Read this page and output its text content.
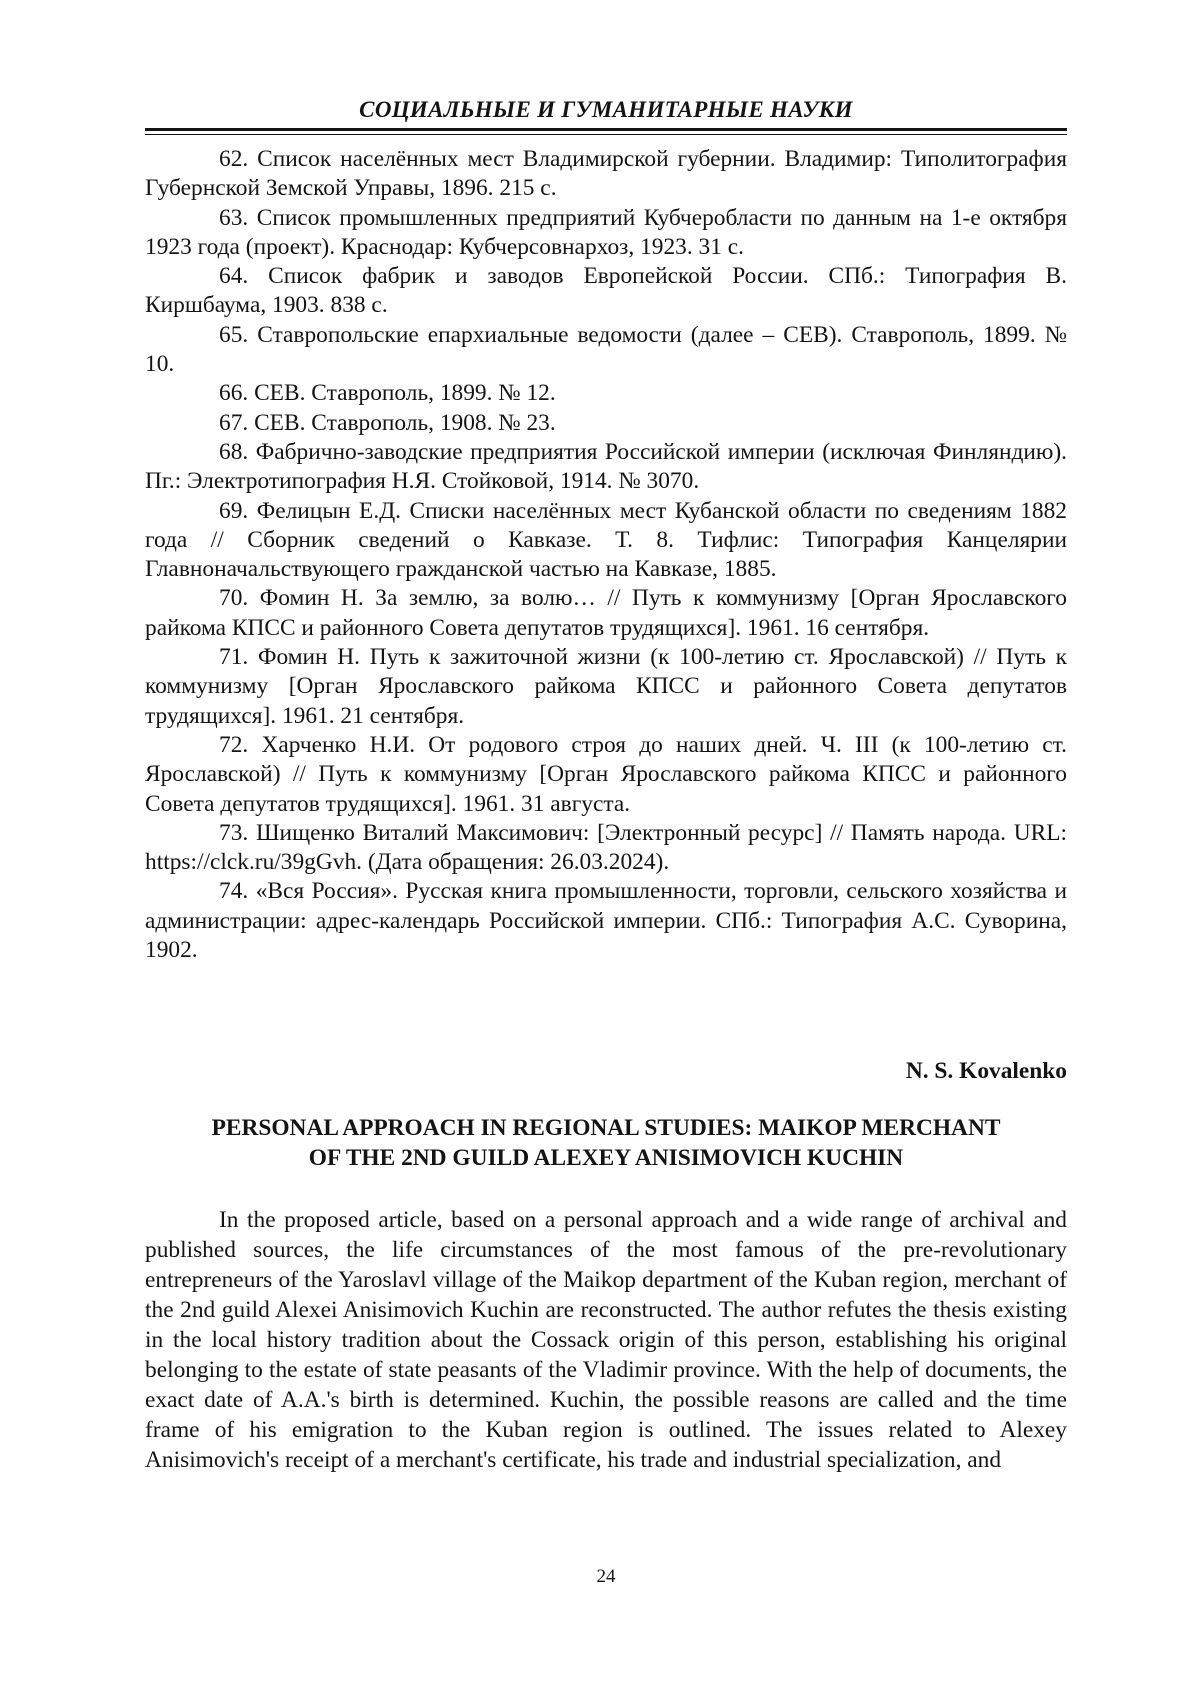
СОЦИАЛЬНЫЕ И ГУМАНИТАРНЫЕ НАУКИ

62. Список населённых мест Владимирской губернии. Владимир: Типолитография Губернской Земской Управы, 1896. 215 с.

63. Список промышленных предприятий Кубчеробласти по данным на 1-е октября 1923 года (проект). Краснодар: Кубчерсовнархоз, 1923. 31 с.

64. Список фабрик и заводов Европейской России. СПб.: Типография В. Киршбаума, 1903. 838 с.

65. Ставропольские епархиальные ведомости (далее – СЕВ). Ставрополь, 1899. № 10.

66. СЕВ. Ставрополь, 1899. № 12.

67. СЕВ. Ставрополь, 1908. № 23.

68. Фабрично-заводские предприятия Российской империи (исключая Финляндию). Пг.: Электротипография Н.Я. Стойковой, 1914. № 3070.

69. Фелицын Е.Д. Списки населённых мест Кубанской области по сведениям 1882 года // Сборник сведений о Кавказе. Т. 8. Тифлис: Типография Канцелярии Главноначальствующего гражданской частью на Кавказе, 1885.

70. Фомин Н. За землю, за волю… // Путь к коммунизму [Орган Ярославского райкома КПСС и районного Совета депутатов трудящихся]. 1961. 16 сентября.

71. Фомин Н. Путь к зажиточной жизни (к 100-летию ст. Ярославской) // Путь к коммунизму [Орган Ярославского райкома КПСС и районного Совета депутатов трудящихся]. 1961. 21 сентября.

72. Харченко Н.И. От родового строя до наших дней. Ч. III (к 100-летию ст. Ярославской) // Путь к коммунизму [Орган Ярославского райкома КПСС и районного Совета депутатов трудящихся]. 1961. 31 августа.

73. Шищенко Виталий Максимович: [Электронный ресурс] // Память народа. URL: https://clck.ru/39gGvh. (Дата обращения: 26.03.2024).

74. «Вся Россия». Русская книга промышленности, торговли, сельского хозяйства и администрации: адрес-календарь Российской империи. СПб.: Типография А.С. Суворина, 1902.

N. S. Kovalenko
PERSONAL APPROACH IN REGIONAL STUDIES: MAIKOP MERCHANT
OF THE 2ND GUILD ALEXEY ANISIMOVICH KUCHIN

In the proposed article, based on a personal approach and a wide range of archival and published sources, the life circumstances of the most famous of the pre-revolutionary entrepreneurs of the Yaroslavl village of the Maikop department of the Kuban region, merchant of the 2nd guild Alexei Anisimovich Kuchin are reconstructed. The author refutes the thesis existing in the local history tradition about the Cossack origin of this person, establishing his original belonging to the estate of state peasants of the Vladimir province. With the help of documents, the exact date of A.A.'s birth is determined. Kuchin, the possible reasons are called and the time frame of his emigration to the Kuban region is outlined. The issues related to Alexey Anisimovich's receipt of a merchant's certificate, his trade and industrial specialization, and

24
